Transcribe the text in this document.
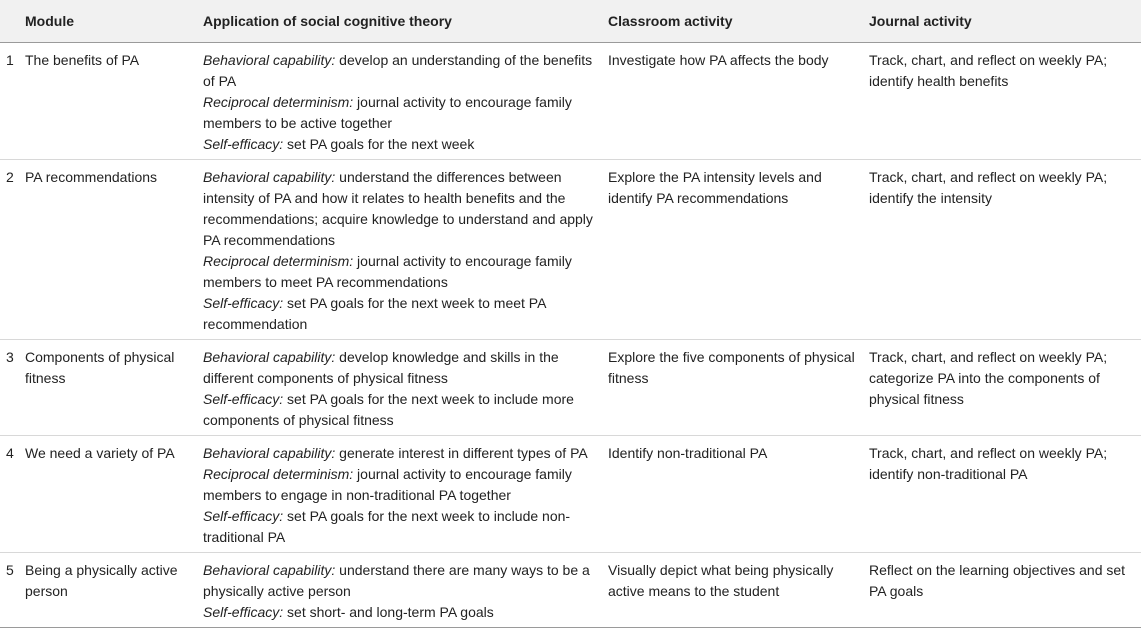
Module		Application of social cognitive theory	Classroom activity	Journal activity

1	The benefits of PA	Behavioral capability: develop an understanding of the benefits of PA
Reciprocal determinism: journal activity to encourage family members to be active together
Self-efficacy: set PA goals for the next week	Investigate how PA affects the body	Track, chart, and reflect on weekly PA; identify health benefits

2	PA recommendations	Behavioral capability: understand the differences between intensity of PA and how it relates to health benefits and the recommendations; acquire knowledge to understand and apply PA recommendations
Reciprocal determinism: journal activity to encourage family members to meet PA recommendations
Self-efficacy: set PA goals for the next week to meet PA recommendation	Explore the PA intensity levels and identify PA recommendations	Track, chart, and reflect on weekly PA; identify the intensity

3	Components of physical fitness	Behavioral capability: develop knowledge and skills in the different components of physical fitness
Self-efficacy: set PA goals for the next week to include more components of physical fitness	Explore the five components of physical fitness	Track, chart, and reflect on weekly PA; categorize PA into the components of physical fitness

4	We need a variety of PA	Behavioral capability: generate interest in different types of PA
Reciprocal determinism: journal activity to encourage family members to engage in non-traditional PA together
Self-efficacy: set PA goals for the next week to include non-traditional PA	Identify non-traditional PA	Track, chart, and reflect on weekly PA; identify non-traditional PA

5	Being a physically active person	Behavioral capability: understand there are many ways to be a physically active person
Self-efficacy: set short- and long-term PA goals	Visually depict what being physically active means to the student	Reflect on the learning objectives and set PA goals
